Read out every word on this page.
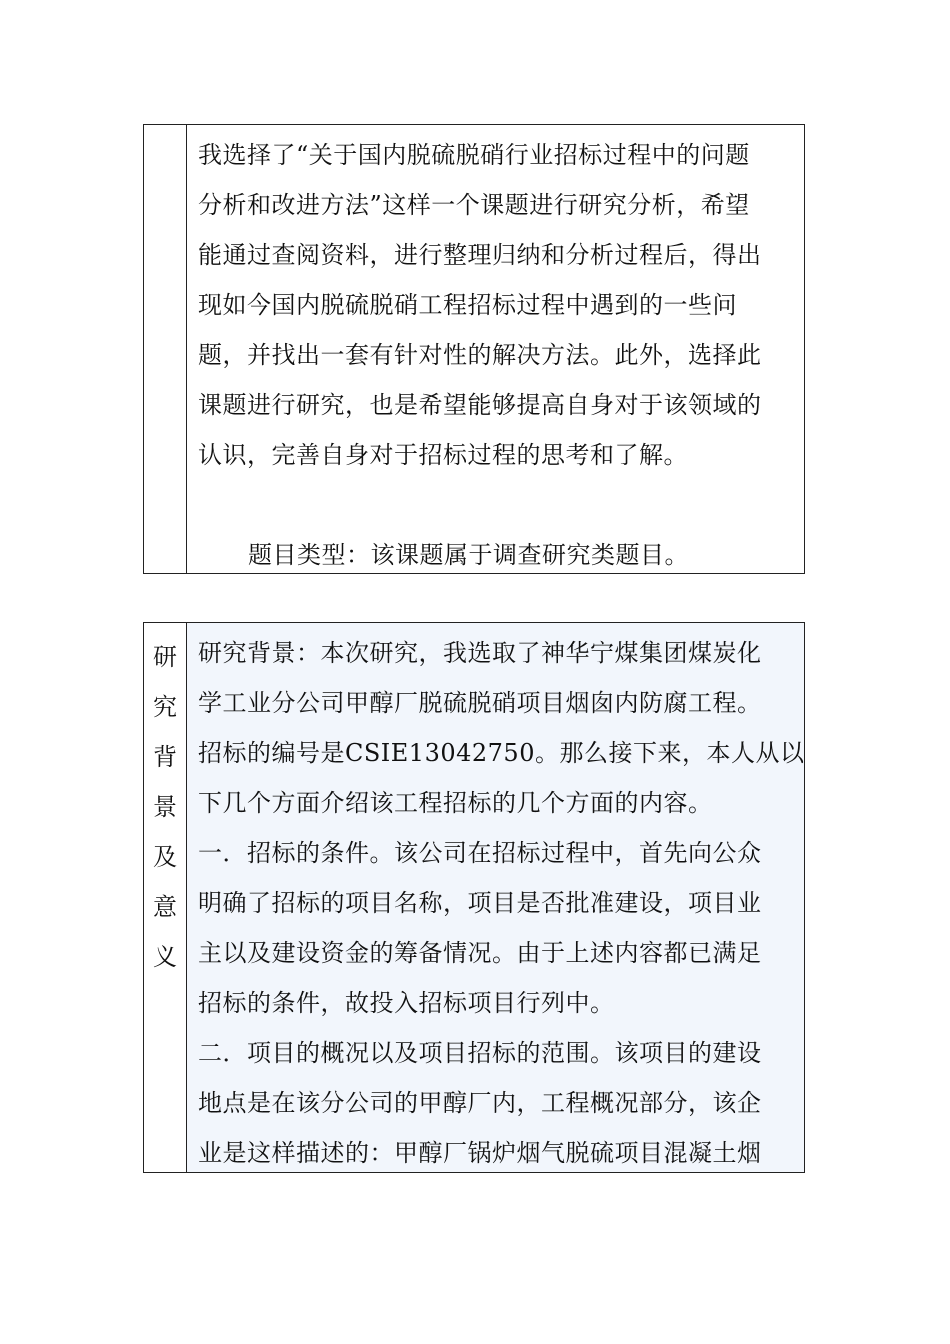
我选择了“关于国内脱硫脱硝行业招标过程中的问题
分析和改进方法”这样一个课题进行研究分析，希望
能通过查阅资料，进行整理归纳和分析过程后，得出
现如今国内脱硫脱硝工程招标过程中遇到的一些问
题，并找出一套有针对性的解决方法。此外，选择此
课题进行研究，也是希望能够提高自身对于该领域的
认识，完善自身对于招标过程的思考和了解。
题目类型：该课题属于调查研究类题目。
研
究
背
景
及
意
义
研究背景：本次研究，我选取了神华宁煤集团煤炭化
学工业分公司甲醇厂脱硫脱硝项目烟囱内防腐工程。
招标的编号是CSIE13042750。那么接下来，本人从以
下几个方面介绍该工程招标的几个方面的内容。
一．招标的条件。该公司在招标过程中，首先向公众
明确了招标的项目名称，项目是否批准建设，项目业
主以及建设资金的筹备情况。由于上述内容都已满足
招标的条件，故投入招标项目行列中。
二．项目的概况以及项目招标的范围。该项目的建设
地点是在该分公司的甲醇厂内，工程概况部分，该企
业是这样描述的：甲醇厂锅炉烟气脱硫项目混凝土烟
